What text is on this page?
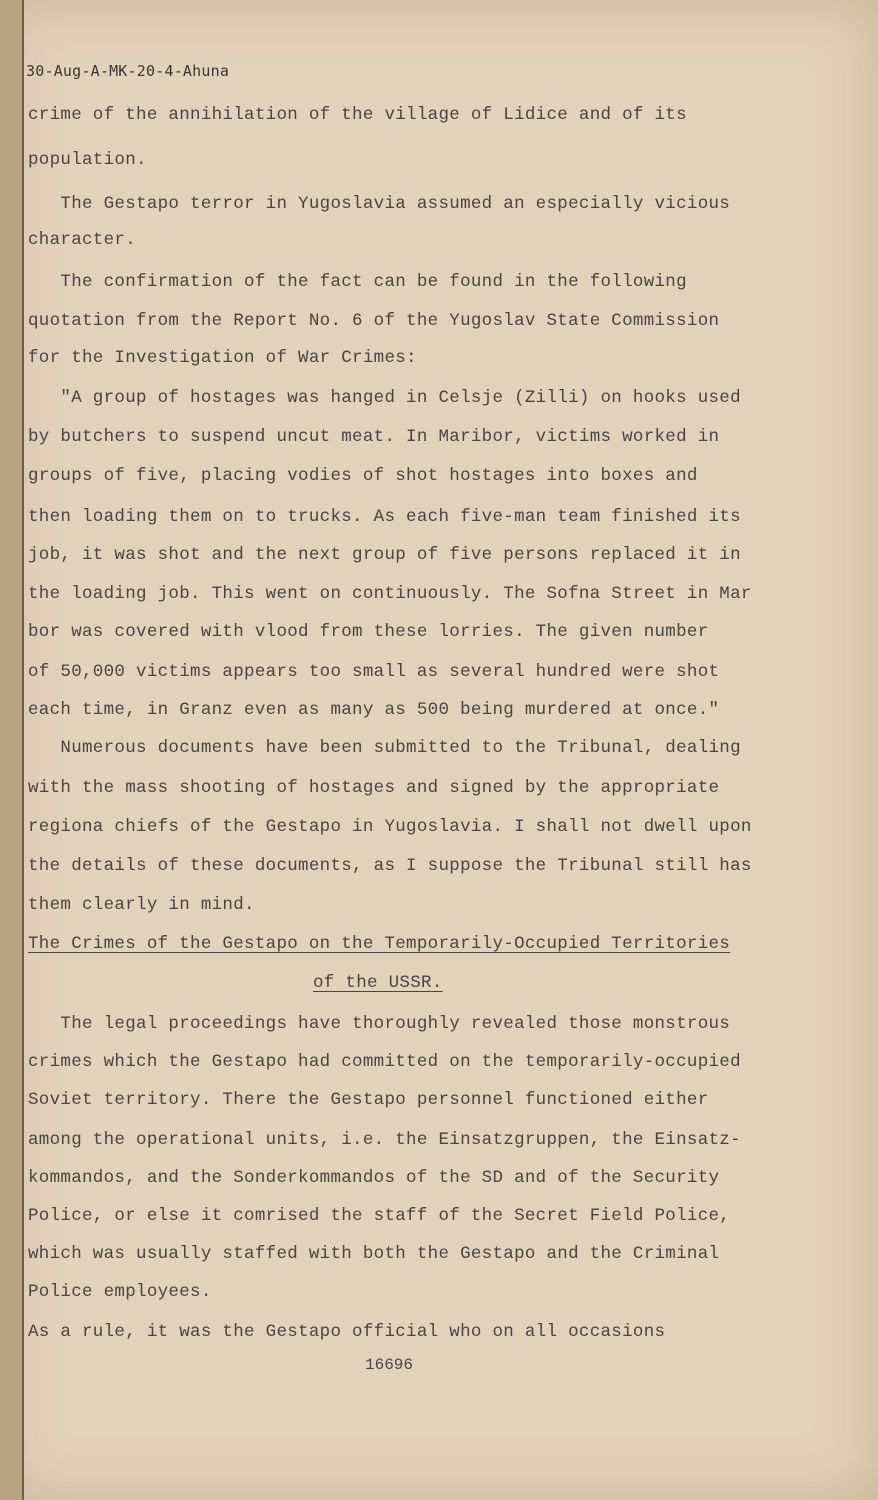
30-Aug-A-MK-20-4-Ahuna
crime of the annihilation of the village of Lidice and of its
population.
The Gestapo terror in Yugoslavia assumed an especially vicious
character.
The confirmation of the fact can be found in the following
quotation from the Report No. 6 of the Yugoslav State Commission
for the Investigation of War Crimes:
"A group of hostages was hanged in Celsje (Zilli) on hooks used
by butchers to suspend uncut meat. In Maribor, victims worked in
groups of five, placing vodies of shot hostages into boxes and
then loading them on to trucks. As each five-man team finished its
job, it was shot and the next group of five persons replaced it in
the loading job. This went on continuously. The Sofna Street in Mar
bor was covered with vlood from these lorries. The given number
of 50,000 victims appears too small as several hundred were shot
each time, in Granz even as many as 500 being murdered at once."
Numerous documents have been submitted to the Tribunal, dealing
with the mass shooting of hostages and signed by the appropriate
regiona chiefs of the Gestapo in Yugoslavia. I shall not dwell upon
the details of these documents, as I suppose the Tribunal still has
them clearly in mind.
The Crimes of the Gestapo on the Temporarily-Occupied Territories
of the USSR.
The legal proceedings have thoroughly revealed those monstrous
crimes which the Gestapo had committed on the temporarily-occupied
Soviet territory. There the Gestapo personnel functioned either
among the operational units, i.e. the Einsatzgruppen, the Einsatz-
kommandos, and the Sonderkommandos of the SD and of the Security
Police, or else it comrised the staff of the Secret Field Police,
which was usually staffed with both the Gestapo and the Criminal
Police employees.
As a rule, it was the Gestapo official who on all occasions
16696
